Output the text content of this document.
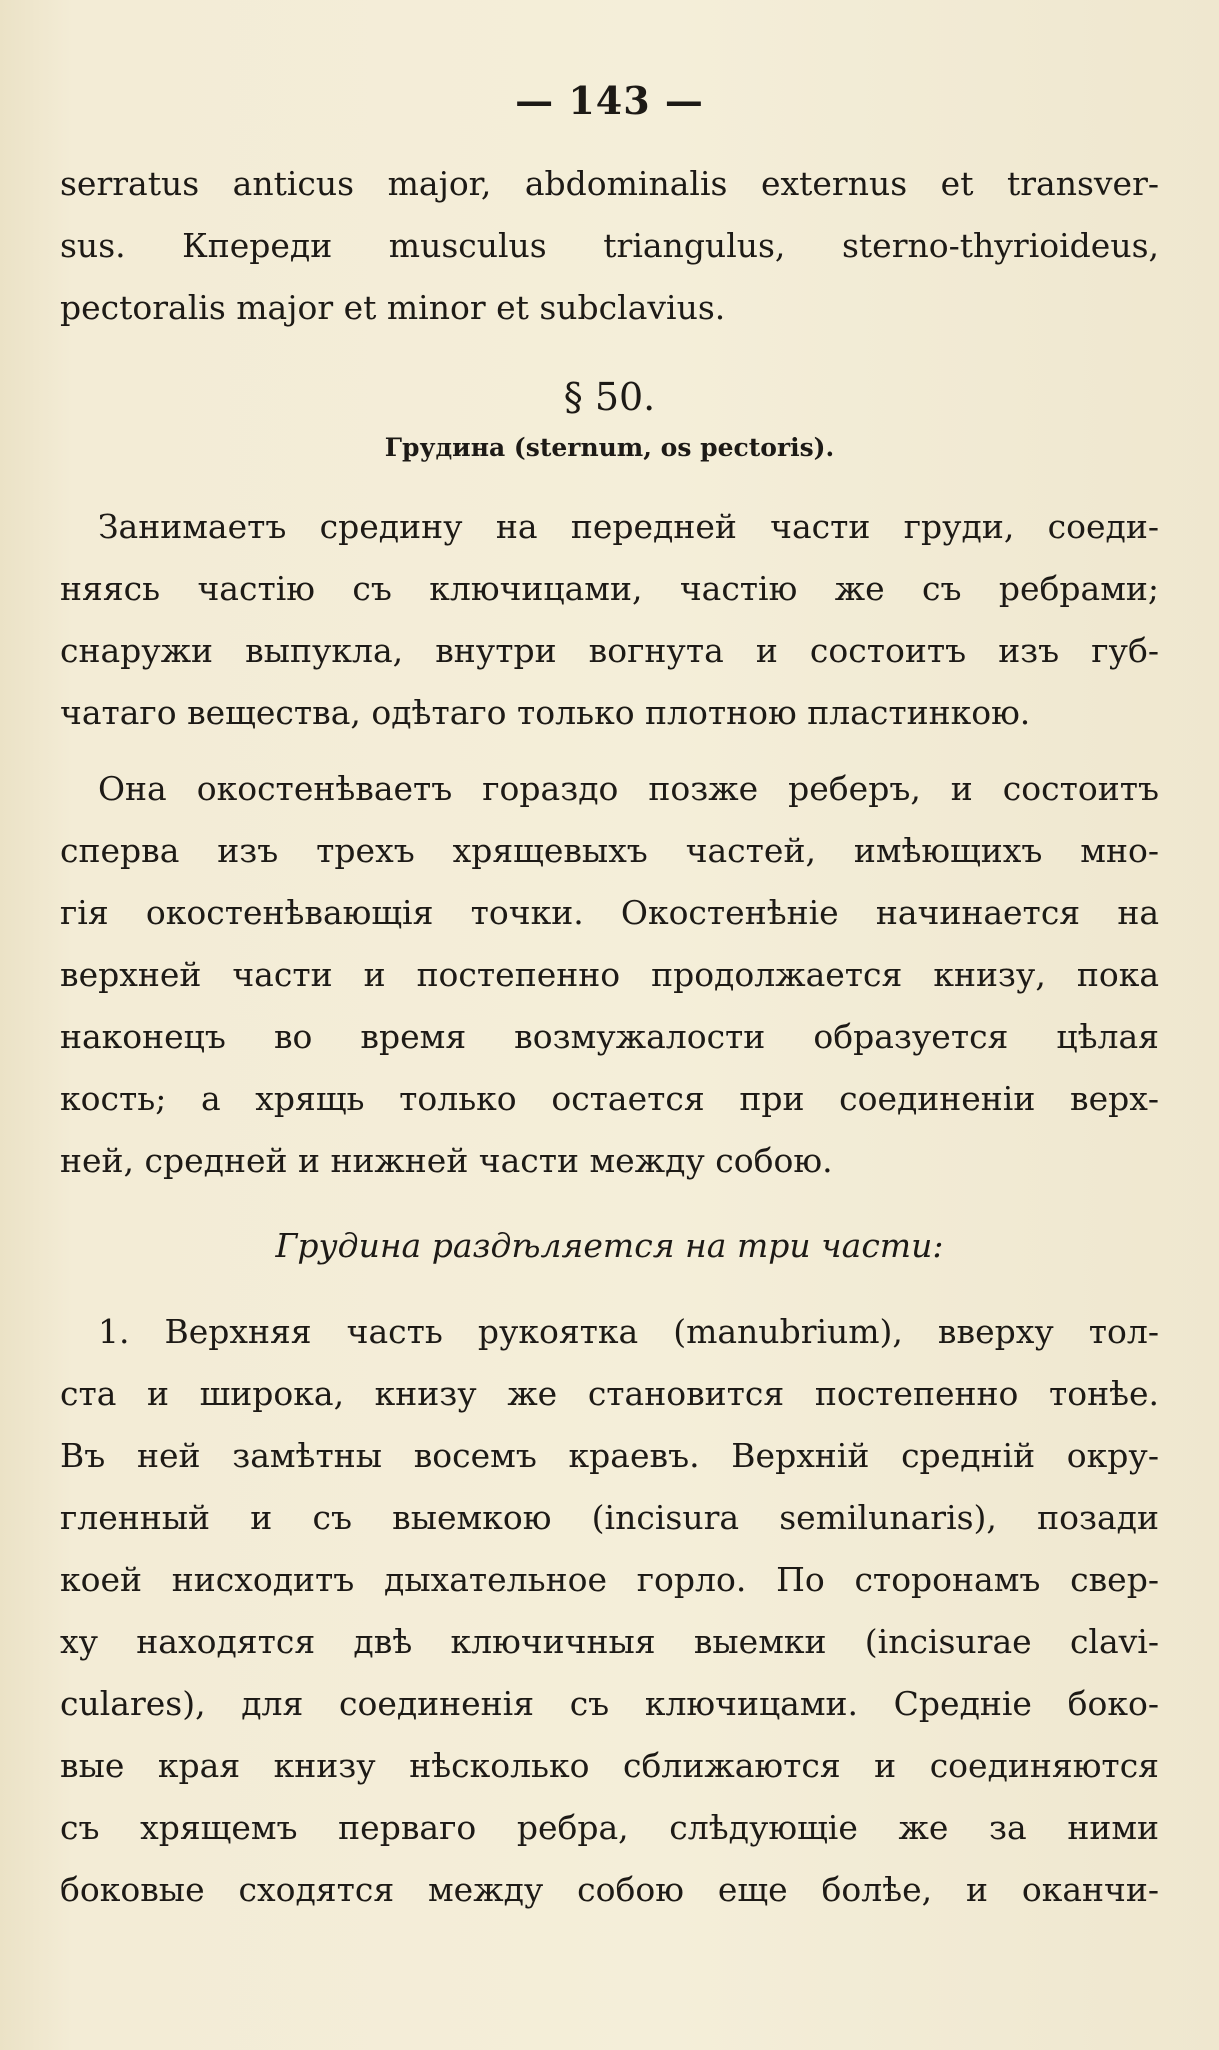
— 143 —
serratus anticus major, abdominalis externus et transver-
sus. Кпереди musculus triangulus, sterno-thyrioideus,
pectoralis major et minor et subclavius.
§ 50.
Грудина (sternum, os pectoris).
Занимаетъ средину на передней части груди, соеди-
няясь частію съ ключицами, частію же съ ребрами;
снаружи выпукла, внутри вогнута и состоитъ изъ губ-
чатаго вещества, одѣтаго только плотною пластинкою.
Она окостенѣваетъ гораздо позже реберъ, и состоитъ
сперва изъ трехъ хрящевыхъ частей, имѣющихъ мно-
гія окостенѣвающія точки. Окостенѣніе начинается на
верхней части и постепенно продолжается книзу, пока
наконецъ во время возмужалости образуется цѣлая
кость; а хрящь только остается при соединеніи верх-
ней, средней и нижней части между собою.
Грудина раздѣляется на три части:
1. Верхняя часть рукоятка (manubrium), вверху тол-
ста и широка, книзу же становится постепенно тонѣе.
Въ ней замѣтны восемъ краевъ. Верхній средній окру-
гленный и съ выемкою (incisura semilunaris), позади
коей нисходитъ дыхательное горло. По сторонамъ свер-
ху находятся двѣ ключичныя выемки (incisurae clavi-
culares), для соединенія съ ключицами. Средніе боко-
вые края книзу нѣсколько сближаются и соединяются
съ хрящемъ перваго ребра, слѣдующіе же за ними
боковые сходятся между собою еще болѣе, и оканчи-
